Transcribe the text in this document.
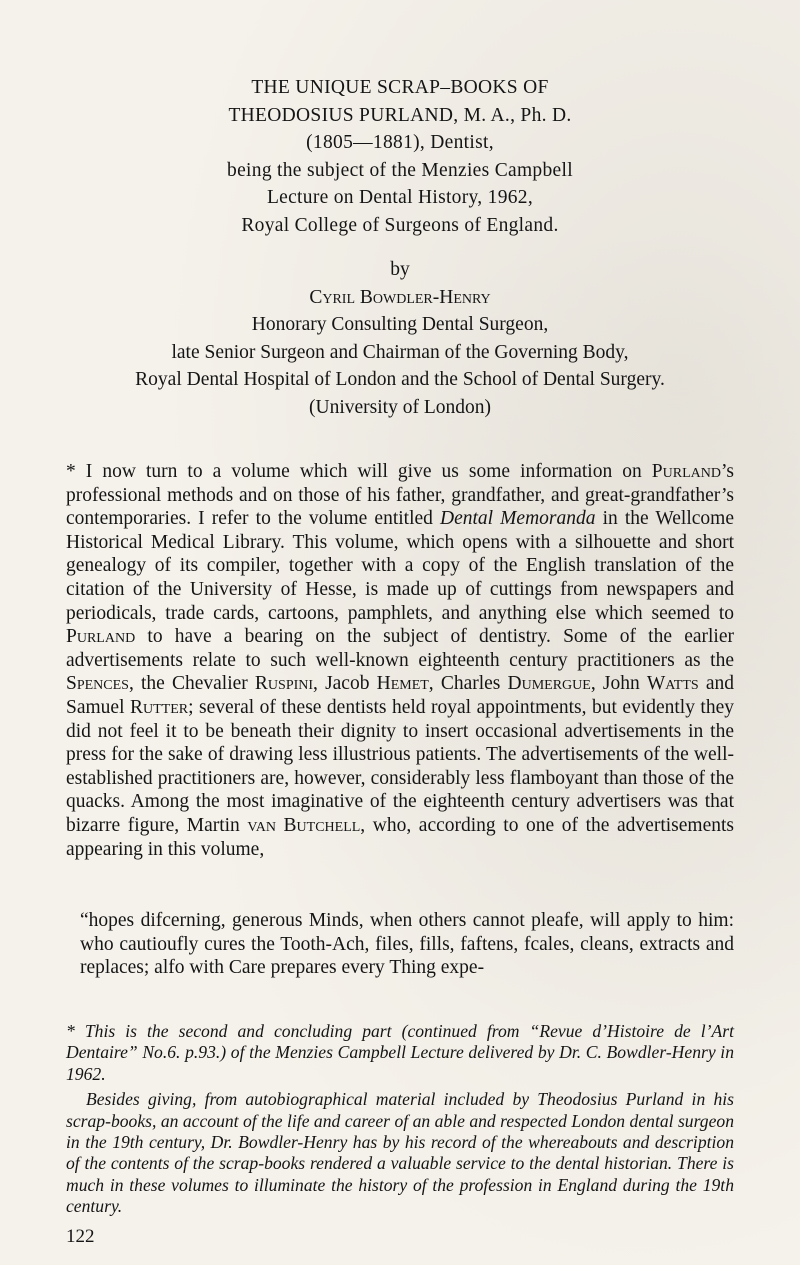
THE UNIQUE SCRAP–BOOKS OF
THEODOSIUS PURLAND, M. A., Ph. D.
(1805—1881), Dentist,
being the subject of the Menzies Campbell
Lecture on Dental History, 1962,
Royal College of Surgeons of England.
by
Cyril Bowdler-Henry
Honorary Consulting Dental Surgeon,
late Senior Surgeon and Chairman of the Governing Body,
Royal Dental Hospital of London and the School of Dental Surgery.
(University of London)
* I now turn to a volume which will give us some information on Purland’s professional methods and on those of his father, grandfather, and great-grandfather’s contemporaries. I refer to the volume entitled Dental Memoranda in the Wellcome Historical Medical Library. This volume, which opens with a silhouette and short genealogy of its compiler, together with a copy of the English translation of the citation of the University of Hesse, is made up of cuttings from newspapers and periodicals, trade cards, cartoons, pamphlets, and anything else which seemed to Purland to have a bearing on the subject of dentistry. Some of the earlier advertisements relate to such well-known eighteenth century practitioners as the Spences, the Chevalier Ruspini, Jacob Hemet, Charles Dumergue, John Watts and Samuel Rutter; several of these dentists held royal appointments, but evidently they did not feel it to be beneath their dignity to insert occasional advertisements in the press for the sake of drawing less illustrious patients. The advertisements of the well-established practitioners are, however, considerably less flamboyant than those of the quacks. Among the most imaginative of the eighteenth century advertisers was that bizarre figure, Martin van Butchell, who, according to one of the advertisements appearing in this volume,
“hopes difcerning, generous Minds, when others cannot pleafe, will apply to him: who cautioufly cures the Tooth-Ach, files, fills, faftens, fcales, cleans, extracts and replaces; alfo with Care prepares every Thing expe-

* This is the second and concluding part (continued from “Revue d’Histoire de l’Art Dentaire” No.6. p.93.) of the Menzies Campbell Lecture delivered by Dr. C. Bowdler-Henry in 1962.

Besides giving, from autobiographical material included by Theodosius Purland in his scrap-books, an account of the life and career of an able and respected London dental surgeon in the 19th century, Dr. Bowdler-Henry has by his record of the whereabouts and description of the contents of the scrap-books rendered a valuable service to the dental historian. There is much in these volumes to illuminate the history of the profession in England during the 19th century.

122
